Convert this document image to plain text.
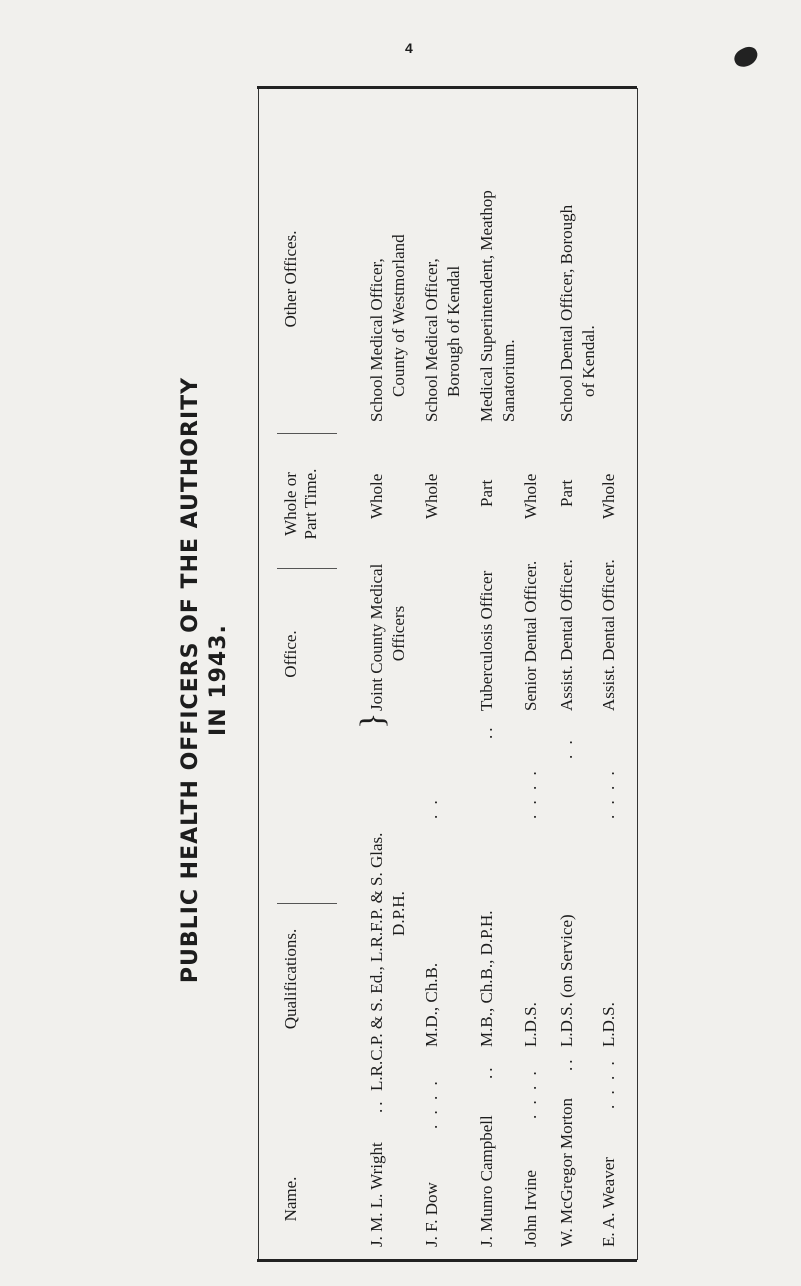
4
PUBLIC HEALTH OFFICERS OF THE AUTHORITY IN 1943.
Name.
Qualifications.
Office.
Whole or Part Time.
Other Offices.
J. M. L. Wright
..
L.R.C.P. & S. Ed., L.R.F.P. & S. Glas. D.P.H.
}
Joint County Medical Officers
Whole
School Medical Officer, County of Westmorland
J. F. Dow
. . . .
M.D., Ch.B.
. .
Whole
School Medical Officer, Borough of Kendal
J. Munro Campbell
..
M.B., Ch.B., D.P.H.
..
Tuberculosis Officer
Part
Medical Superintendent, Meathop Sanatorium.
John Irvine
. . . .
L.D.S.
. . . .
Senior Dental Officer.
Whole
W. McGregor Morton
..
L.D.S. (on Service)
. .
Assist. Dental Officer.
Part
School Dental Officer, Borough of Kendal.
E. A. Weaver
. . . .
L.D.S.
. . . .
Assist. Dental Officer.
Whole
